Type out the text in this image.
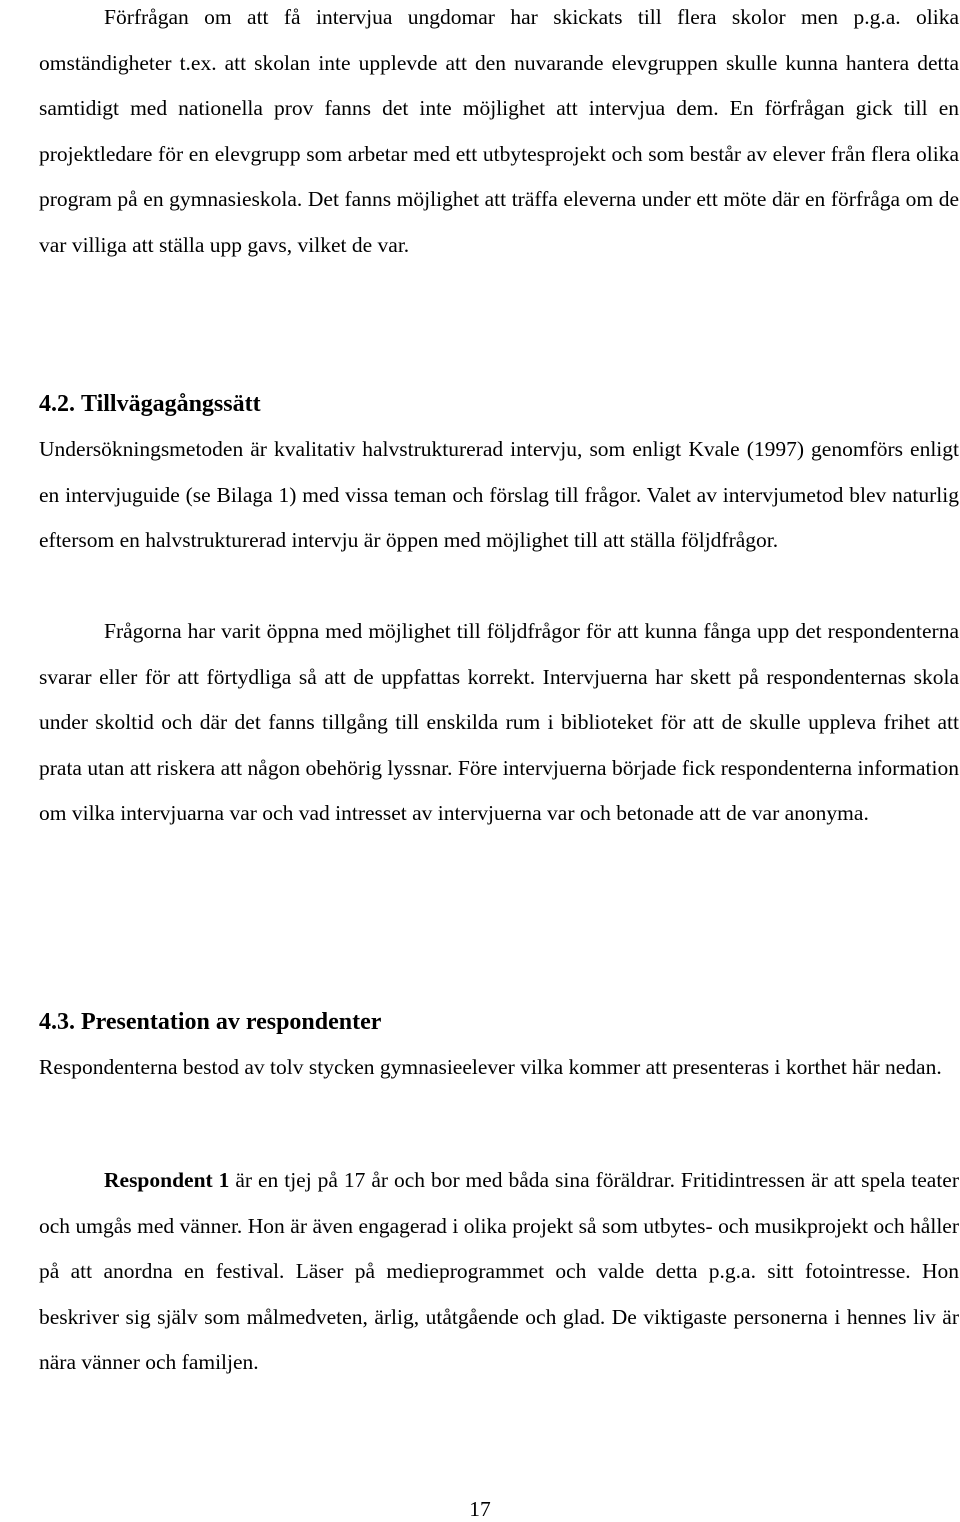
Förfrågan om att få intervjua ungdomar har skickats till flera skolor men p.g.a. olika omständigheter t.ex. att skolan inte upplevde att den nuvarande elevgruppen skulle kunna hantera detta samtidigt med nationella prov fanns det inte möjlighet att intervjua dem. En förfrågan gick till en projektledare för en elevgrupp som arbetar med ett utbytesprojekt och som består av elever från flera olika program på en gymnasieskola. Det fanns möjlighet att träffa eleverna under ett möte där en förfråga om de var villiga att ställa upp gavs, vilket de var.

4.2. Tillvägagångssätt

Undersökningsmetoden är kvalitativ halvstrukturerad intervju, som enligt Kvale (1997) genomförs enligt en intervjuguide (se Bilaga 1) med vissa teman och förslag till frågor. Valet av intervjumetod blev naturlig eftersom en halvstrukturerad intervju är öppen med möjlighet till att ställa följdfrågor.

Frågorna har varit öppna med möjlighet till följdfrågor för att kunna fånga upp det respondenterna svarar eller för att förtydliga så att de uppfattas korrekt. Intervjuerna har skett på respondenternas skola under skoltid och där det fanns tillgång till enskilda rum i biblioteket för att de skulle uppleva frihet att prata utan att riskera att någon obehörig lyssnar. Före intervjuerna började fick respondenterna information om vilka intervjuarna var och vad intresset av intervjuerna var och betonade att de var anonyma.

4.3. Presentation av respondenter

Respondenterna bestod av tolv stycken gymnasieelever vilka kommer att presenteras i korthet här nedan.

Respondent 1 är en tjej på 17 år och bor med båda sina föräldrar. Fritidintressen är att spela teater och umgås med vänner. Hon är även engagerad i olika projekt så som utbytes- och musikprojekt och håller på att anordna en festival. Läser på medieprogrammet och valde detta p.g.a. sitt fotointresse. Hon beskriver sig själv som målmedveten, ärlig, utåtgående och glad. De viktigaste personerna i hennes liv är nära vänner och familjen.

17
